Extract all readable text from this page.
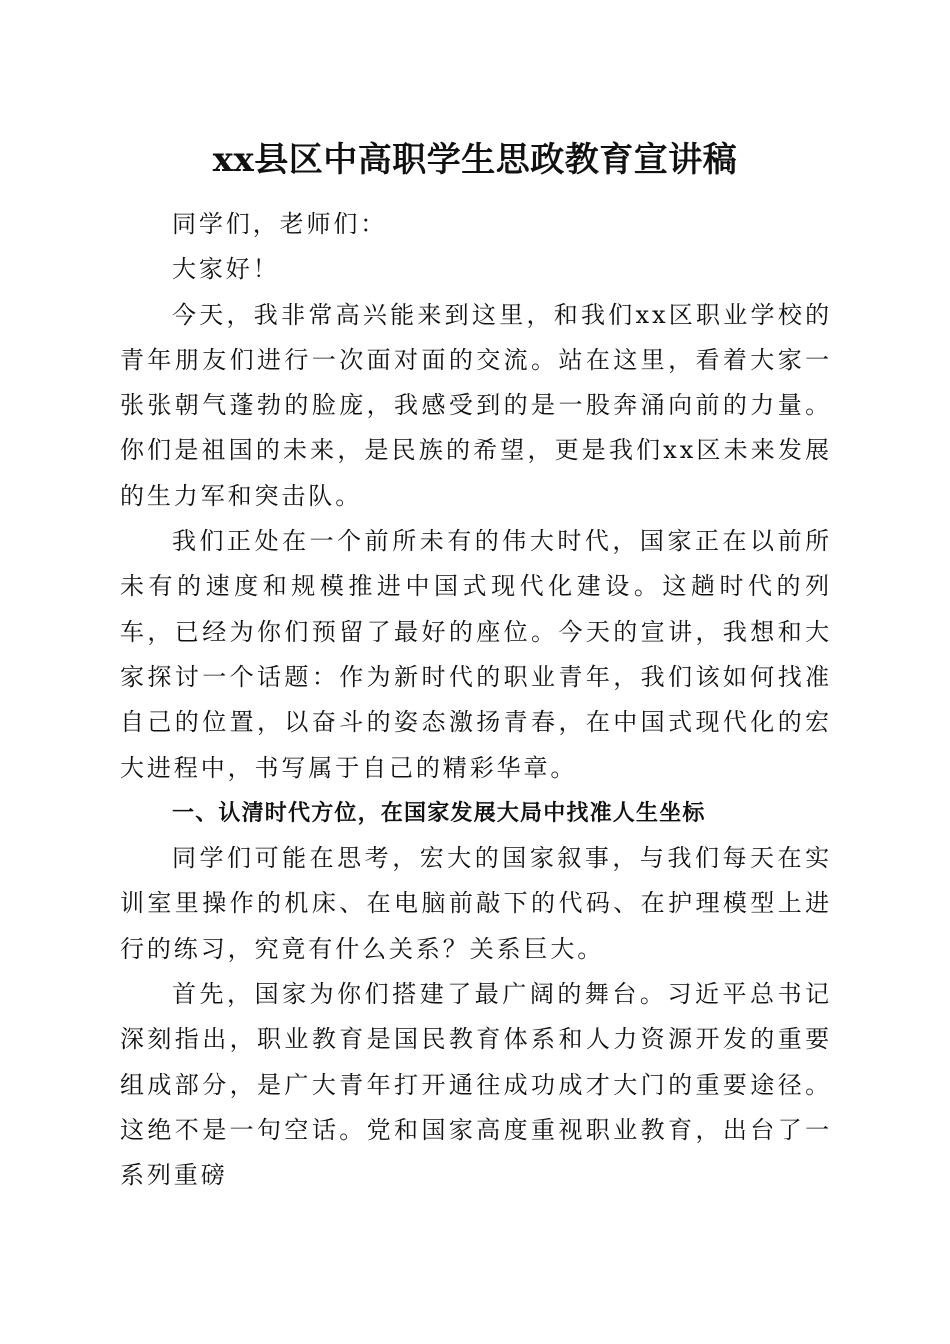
xx县区中高职学生思政教育宣讲稿

同学们，老师们：

大家好！

今天，我非常高兴能来到这里，和我们xx区职业学校的青年朋友们进行一次面对面的交流。站在这里，看着大家一张张朝气蓬勃的脸庞，我感受到的是一股奔涌向前的力量。你们是祖国的未来，是民族的希望，更是我们xx区未来发展的生力军和突击队。

我们正处在一个前所未有的伟大时代，国家正在以前所未有的速度和规模推进中国式现代化建设。这趟时代的列车，已经为你们预留了最好的座位。今天的宣讲，我想和大家探讨一个话题：作为新时代的职业青年，我们该如何找准自己的位置，以奋斗的姿态激扬青春，在中国式现代化的宏大进程中，书写属于自己的精彩华章。

一、认清时代方位，在国家发展大局中找准人生坐标

同学们可能在思考，宏大的国家叙事，与我们每天在实训室里操作的机床、在电脑前敲下的代码、在护理模型上进行的练习，究竟有什么关系？关系巨大。

首先，国家为你们搭建了最广阔的舞台。习近平总书记深刻指出，职业教育是国民教育体系和人力资源开发的重要组成部分，是广大青年打开通往成功成才大门的重要途径。这绝不是一句空话。党和国家高度重视职业教育，出台了一系列重磅
